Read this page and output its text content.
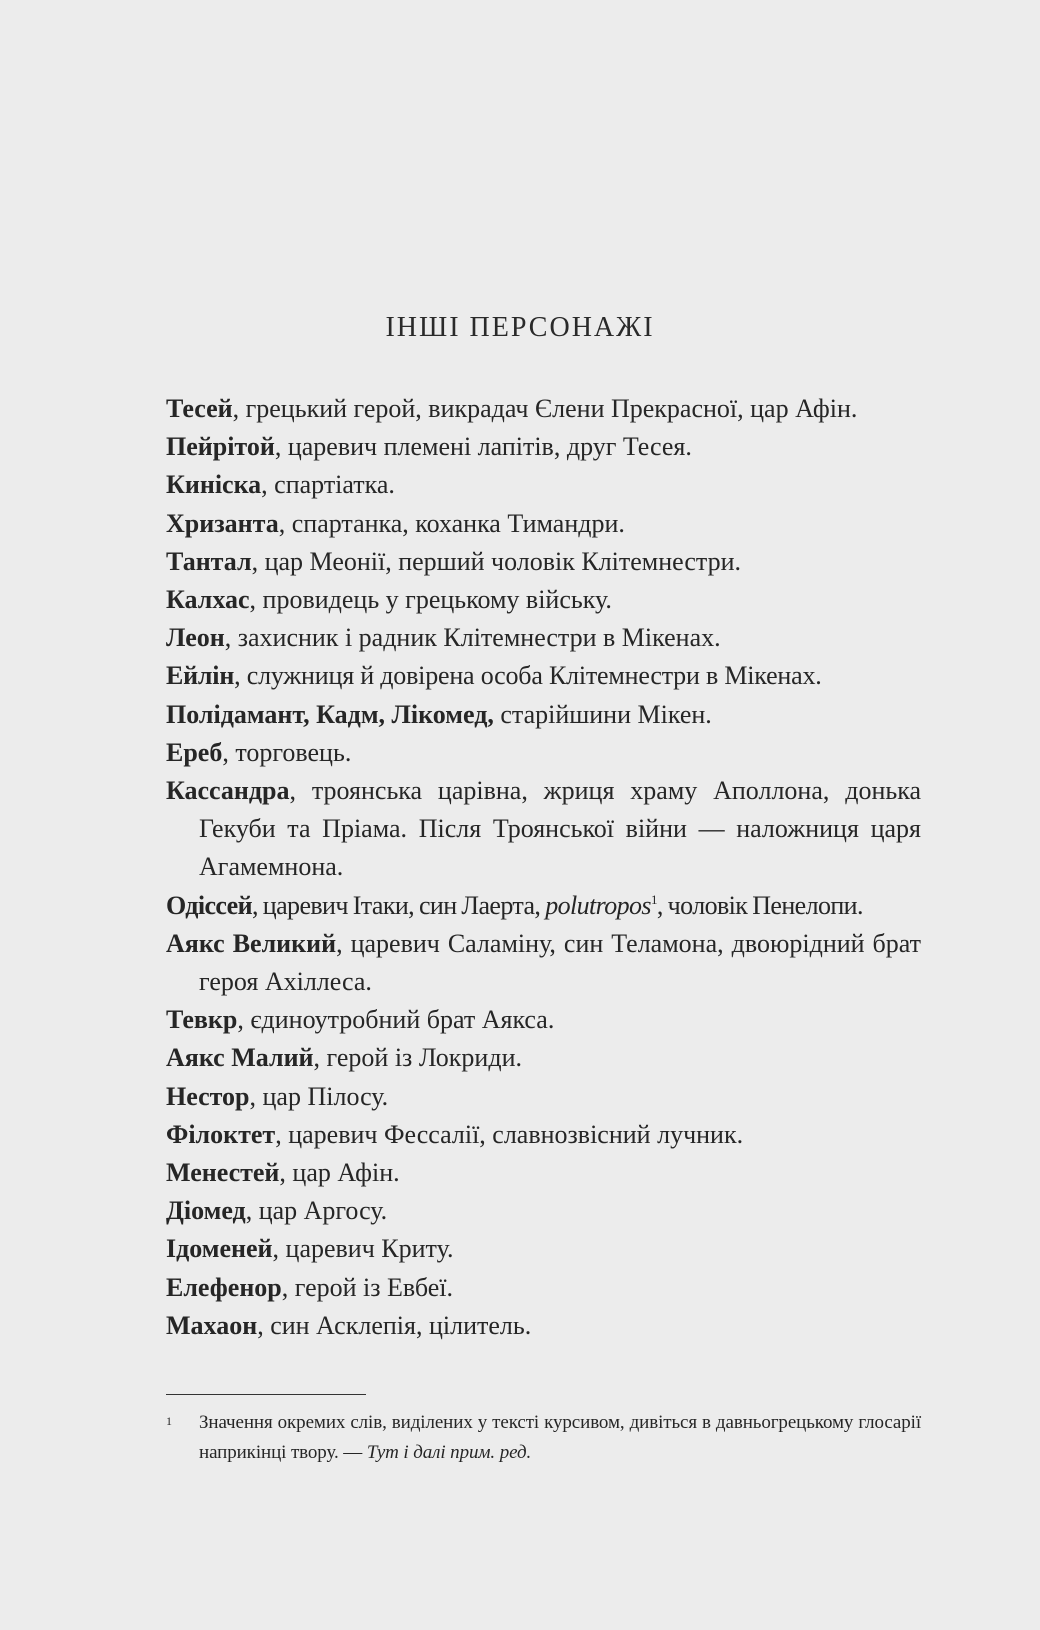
ІНШІ ПЕРСОНАЖІ
Тесей, грецький герой, викрадач Єлени Прекрасної, цар Афін.
Пейрітой, царевич племені лапітів, друг Тесея.
Киніска, спартіатка.
Хризанта, спартанка, коханка Тимандри.
Тантал, цар Меонії, перший чоловік Клітемнестри.
Калхас, провидець у грецькому війську.
Леон, захисник і радник Клітемнестри в Мікенах.
Ейлін, служниця й довірена особа Клітемнестри в Мікенах.
Полідамант, Кадм, Лікомед, старійшини Мікен.
Ереб, торговець.
Кассандра, троянська царівна, жриця храму Аполлона, донька Гекуби та Пріама. Після Троянської війни — наложниця царя Агамемнона.
Одіссей, царевич Ітаки, син Лаерта, polutropos$^1$, чоловік Пенелопи.
Аякс Великий, царевич Саламіну, син Теламона, двоюрідний брат героя Ахіллеса.
Тевкр, єдиноутробний брат Аякса.
Аякс Малий, герой із Локриди.
Нестор, цар Пілосу.
Філоктет, царевич Фессалії, славнозвісний лучник.
Менестей, цар Афін.
Діомед, цар Аргосу.
Ідоменей, царевич Криту.
Елефенор, герой із Евбеї.
Махаон, син Асклепія, цілитель.
1 Значення окремих слів, виділених у тексті курсивом, дивіться в давньогрецькому глосарії наприкінці твору. — Тут і далі прим. ред.
